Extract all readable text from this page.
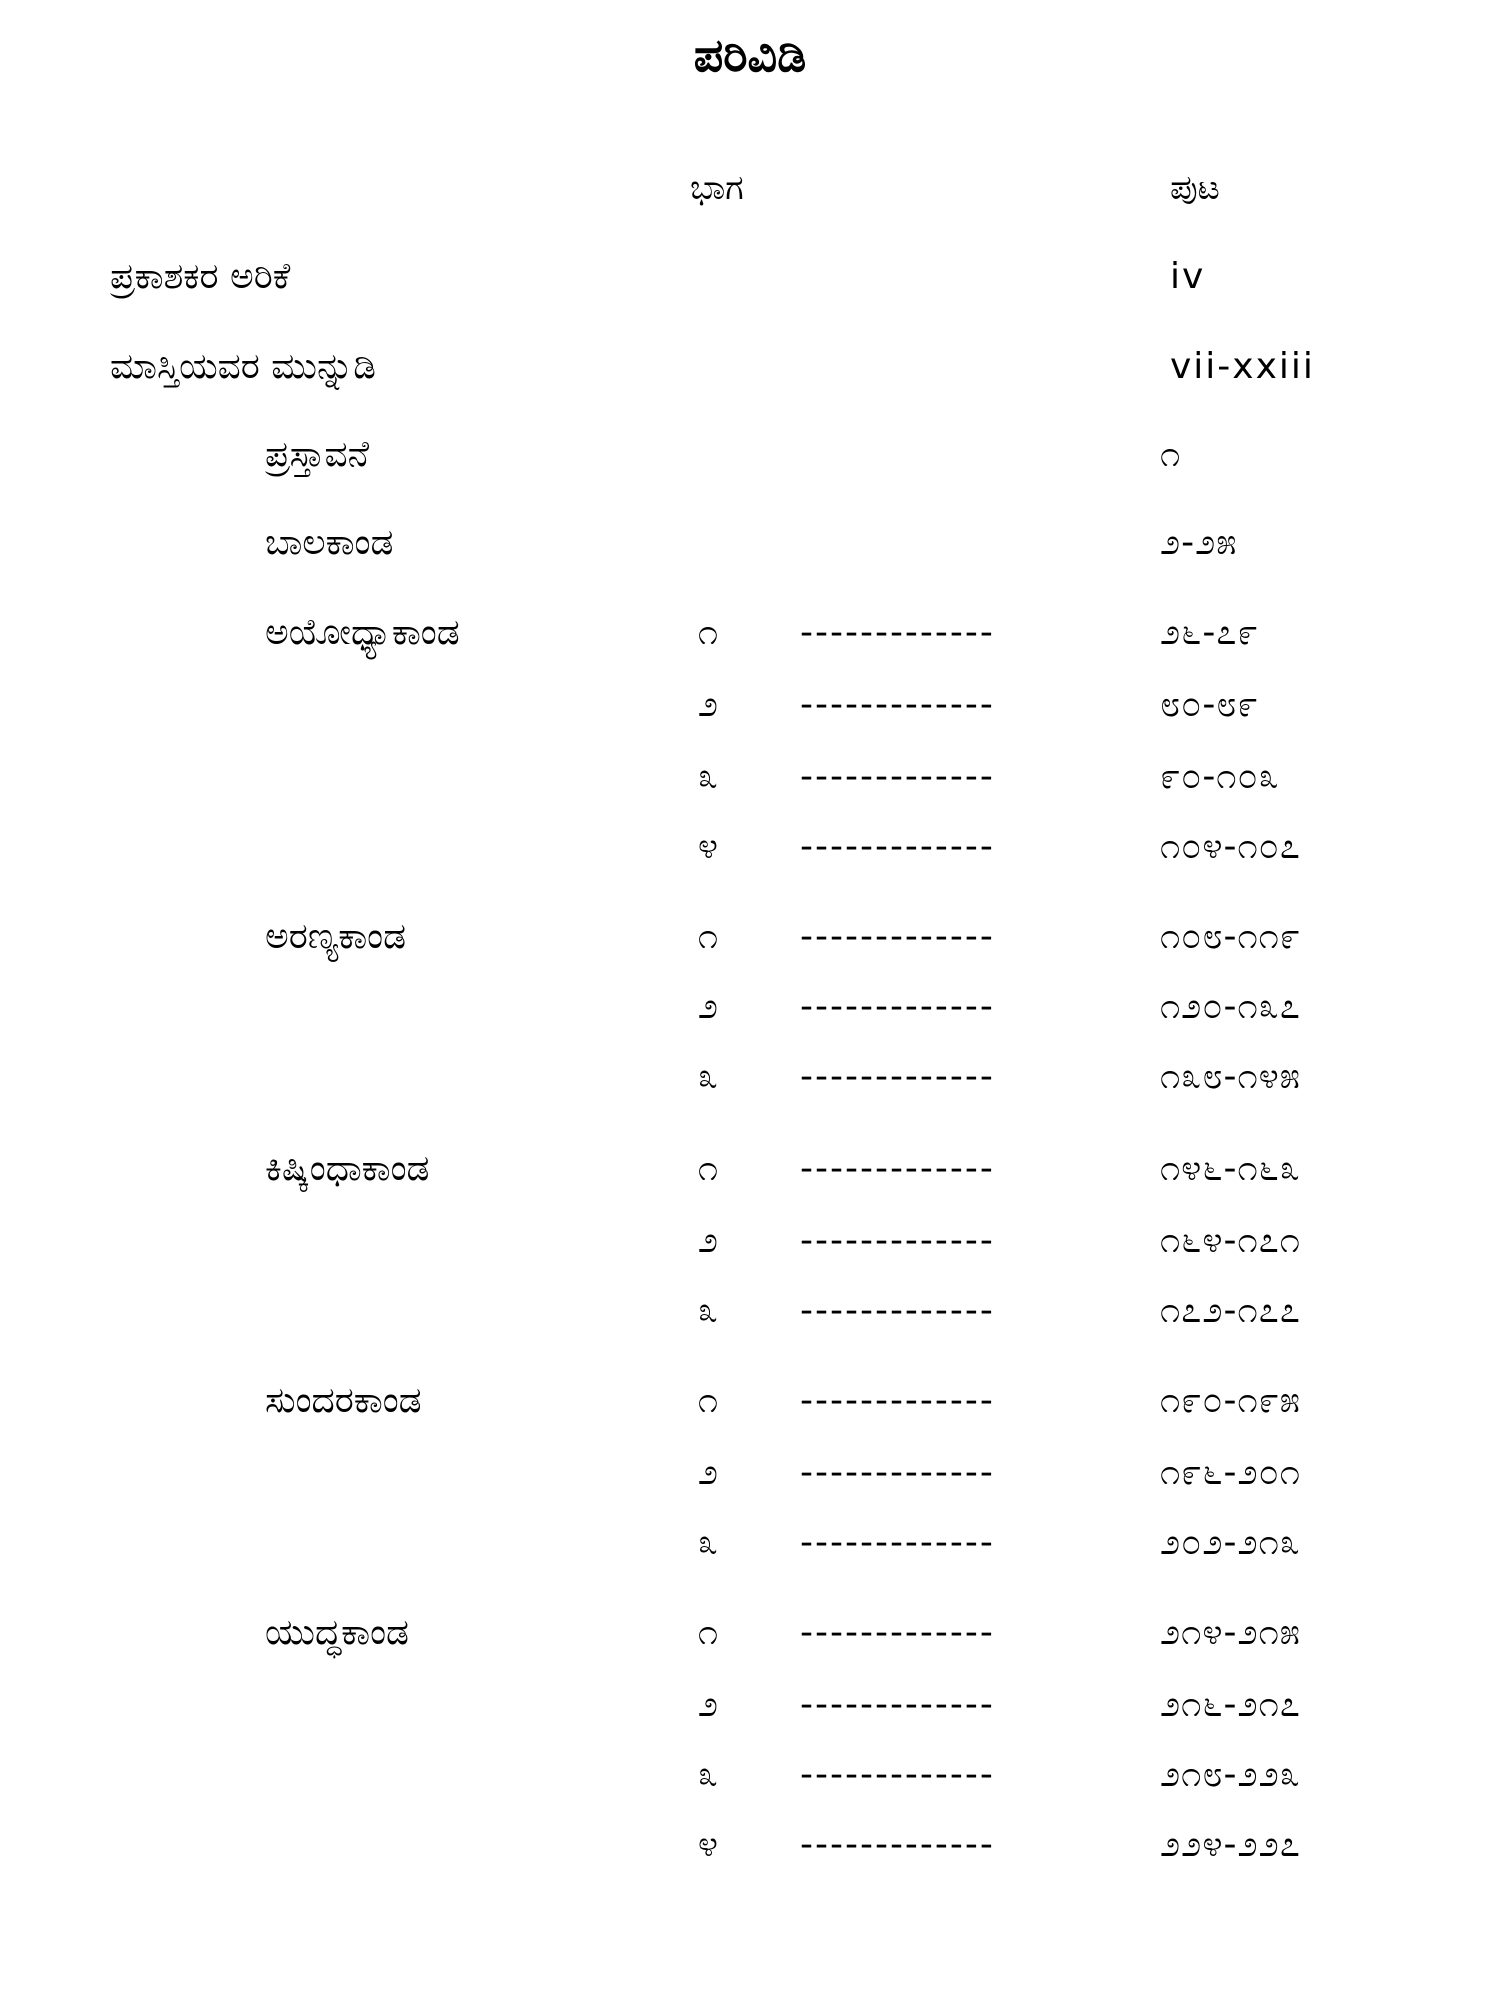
ಪರಿವಿಡಿ
ಭಾಗ	ಪುಟ
ಪ್ರಕಾಶಕರ ಅರಿಕೆ	iv
ಮಾಸ್ತಿಯವರ ಮುನ್ನುಡಿ	vii-xxiii
ಪ್ರಸ್ತಾವನೆ	೧
ಬಾಲಕಾಂಡ	೨-೨೫
ಅಯೋಧ್ಯಾಕಾಂಡ	೧ -------------	೨೬-೭೯
೨ -------------	೮೦-೮೯
೩ -------------	೯೦-೧೦೩
೪ -------------	೧೦೪-೧೦೭
ಅರಣ್ಯಕಾಂಡ	೧ -------------	೧೦೮-೧೧೯
೨ -------------	೧೨೦-೧೩೭
೩ -------------	೧೩೮-೧೪೫
ಕಿಷ್ಕಿಂಧಾಕಾಂಡ	೧ -------------	೧೪೬-೧೬೩
೨ -------------	೧೬೪-೧೭೧
೩ -------------	೧೭೨-೧೭೭
ಸುಂದರಕಾಂಡ	೧ -------------	೧೯೦-೧೯೫
೨ -------------	೧೯೬-೨೦೧
೩ -------------	೨೦೨-೨೧೩
ಯುದ್ಧಕಾಂಡ	೧ -------------	೨೧೪-೨೧೫
೨ -------------	೨೧೬-೨೧೭
೩ -------------	೨೧೮-೨೨೩
೪ -------------	೨೨೪-೨೨೭
